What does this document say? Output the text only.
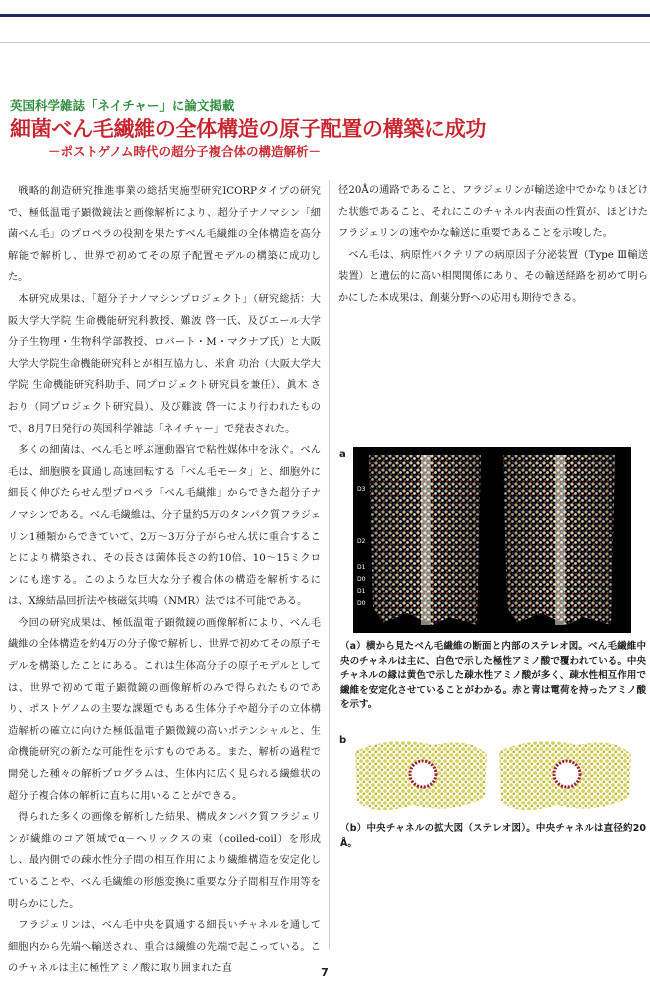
英国科学雑誌「ネイチャー」に論文掲載
細菌べん毛繊維の全体構造の原子配置の構築に成功
－ポストゲノム時代の超分子複合体の構造解析－

戦略的創造研究推進事業の総括実施型研究ICORPタイプの研究で、極低温電子顕微鏡法と画像解析により、超分子ナノマシン「細菌べん毛」のプロペラの役割を果たすべん毛繊維の全体構造を高分解能で解析し、世界で初めてその原子配置モデルの構築に成功した。

本研究成果は、「超分子ナノマシンプロジェクト」（研究総括：大阪大学大学院 生命機能研究科教授、難波 啓一氏、及びエール大学 分子生物理・生物科学部教授、ロバート・M・マクナブ氏）と大阪大学大学院生命機能研究科とが相互協力し、米倉 功治（大阪大学大学院 生命機能研究科助手、同プロジェクト研究員を兼任）、眞木 さおり（同プロジェクト研究員）、及び難波 啓一により行われたもので、8月7日発行の英国科学雑誌「ネイチャー」で発表された。

多くの細菌は、べん毛と呼ぶ運動器官で粘性媒体中を泳ぐ。べん毛は、細胞膜を貫通し高速回転する「べん毛モータ」と、細胞外に細長く伸びたらせん型プロペラ「べん毛繊維」からできた超分子ナノマシンである。べん毛繊維は、分子量約5万のタンパク質フラジェリン1種類からできていて、2万～3万分子がらせん状に重合することにより構築され、その長さは菌体長さの約10倍、10～15ミクロンにも達する。このような巨大な分子複合体の構造を解析するには、X線結晶回折法や核磁気共鳴（NMR）法では不可能である。

今回の研究成果は、極低温電子顕微鏡の画像解析により、べん毛繊維の全体構造を約4万の分子像で解析し、世界で初めてその原子モデルを構築したことにある。これは生体高分子の原子モデルとしては、世界で初めて電子顕微鏡の画像解析のみで得られたものであり、ポストゲノムの主要な課題でもある生体分子や超分子の立体構造解析の確立に向けた極低温電子顕微鏡の高いポテンシャルと、生命機能研究の新たな可能性を示すものである。また、解析の過程で開発した種々の解析プログラムは、生体内に広く見られる繊維状の超分子複合体の解析に直ちに用いることができる。

得られた多くの画像を解析した結果、構成タンパク質フラジェリンが繊維のコア領域でα－ヘリックスの束（coiled-coil）を形成し、最内側での疎水性分子間の相互作用により繊維構造を安定化していることや、べん毛繊維の形態変換に重要な分子間相互作用等を明らかにした。

フラジェリンは、べん毛中央を貫通する細長いチャネルを通して細胞内から先端へ輸送され、重合は繊維の先端で起こっている。このチャネルは主に極性アミノ酸に取り囲まれた直

径20Åの通路であること、フラジェリンが輸送途中でかなりほどけた状態であること、それにこのチャネル内表面の性質が、ほどけたフラジェリンの速やかな輸送に重要であることを示唆した。

べん毛は、病原性バクテリアの病原因子分泌装置（Type Ⅲ輸送装置）と遺伝的に高い相関関係にあり、その輸送経路を初めて明らかにした本成果は、創薬分野への応用も期待できる。

a
D3
D2
D1
D0
D1
D0
（a）横から見たべん毛繊維の断面と内部のステレオ図。べん毛繊維中央のチャネルは主に、白色で示した極性アミノ酸で覆われている。中央チャネルの縁は黄色で示した疎水性アミノ酸が多く、疎水性相互作用で繊維を安定化させていることがわかる。赤と青は電荷を持ったアミノ酸を示す。
b
（b）中央チャネルの拡大図（ステレオ図）。中央チャネルは直径約20Å。
7
